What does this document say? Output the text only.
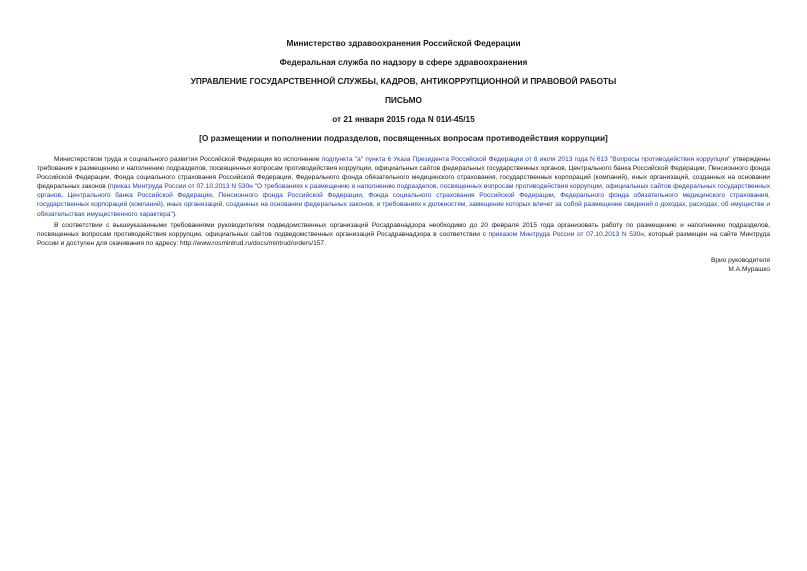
Министерство здравоохранения Российской Федерации

Федеральная служба по надзору в сфере здравоохранения

УПРАВЛЕНИЕ ГОСУДАРСТВЕННОЙ СЛУЖБЫ, КАДРОВ, АНТИКОРРУПЦИОННОЙ И ПРАВОВОЙ РАБОТЫ

ПИСЬМО

от 21 января 2015 года N 01И-45/15

[О размещении и пополнении подразделов, посвященных вопросам противодействия коррупции]

Министерством труда и социального развития Российской Федерации во исполнение подпункта "а" пункта 6 Указа Президента Российской Федерации от 8 июля 2013 года N 613 "Вопросы противодействия коррупции" утверждены требования к размещению и наполнению подразделов, посвященных вопросам противодействия коррупции, официальных сайтов федеральных государственных органов, Центрального банка Российской Федерации, Пенсионного фонда Российской Федерации, Фонда социального страхования Российской Федерации, Федерального фонда обязательного медицинского страхования, государственных корпораций (компаний), иных организаций, созданных на основании федеральных законов (приказ Минтруда России от 07.10.2013 N 530н "О требованиях к размещению и наполнению подразделов, посвященных вопросам противодействия коррупции, официальных сайтов федеральных государственных органов, Центрального банка Российской Федерации, Пенсионного фонда Российской Федерации, Фонда социального страхования Российской Федерации, Федерального фонда обязательного медицинского страхования, государственных корпораций (компаний), иных организаций, созданных на основании федеральных законов, и требованиях к должностям, замещение которых влечет за собой размещение сведений о доходах, расходах, об имуществе и обязательствах имущественного характера").

В соответствии с вышеуказанными требованиями руководителям подведомственных организаций Росздравнадзора необходимо до 20 февраля 2015 года организовать работу по размещению и наполнению подразделов, посвященных вопросам противодействия коррупции, официальных сайтов подведомственных организаций Росздравнадзора в соответствии с приказом Минтруда России от 07.10.2013 N 530н, который размещен на сайте Минтруда России и доступен для скачивания по адресу: http://www.rosmintrud.ru/docs/mintrud/orders/157.

Врио руководителя
М.А.Мурашко
